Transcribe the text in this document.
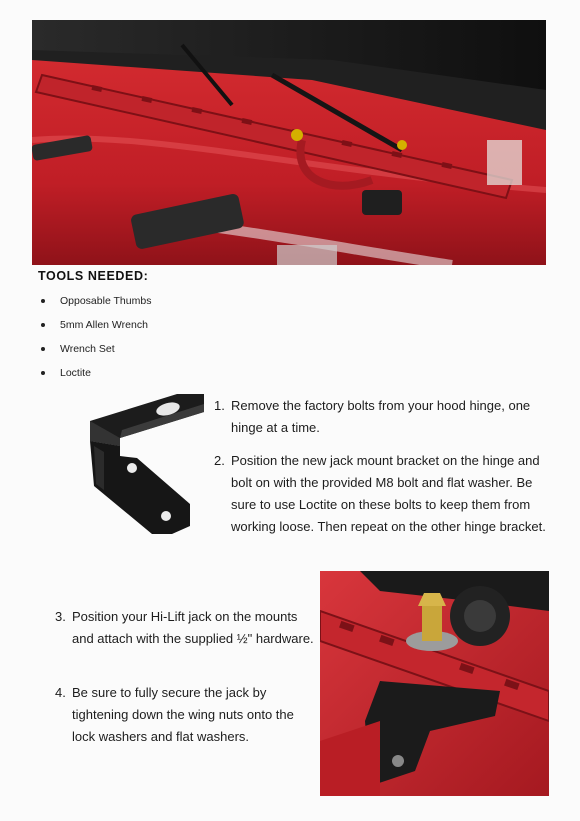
TOOLS NEEDED:
Opposable Thumbs
5mm Allen Wrench
Wrench Set
Loctite

1. Remove the factory bolts from your hood hinge, one hinge at a time.

2. Position the new jack mount bracket on the hinge and bolt on with the provided M8 bolt and flat washer. Be sure to use Loctite on these bolts to keep them from working loose. Then repeat on the other hinge bracket.

3. Position your Hi-Lift jack on the mounts and attach with the supplied ½" hardware.

4. Be sure to fully secure the jack by tightening down the wing nuts onto the lock washers and flat washers.
